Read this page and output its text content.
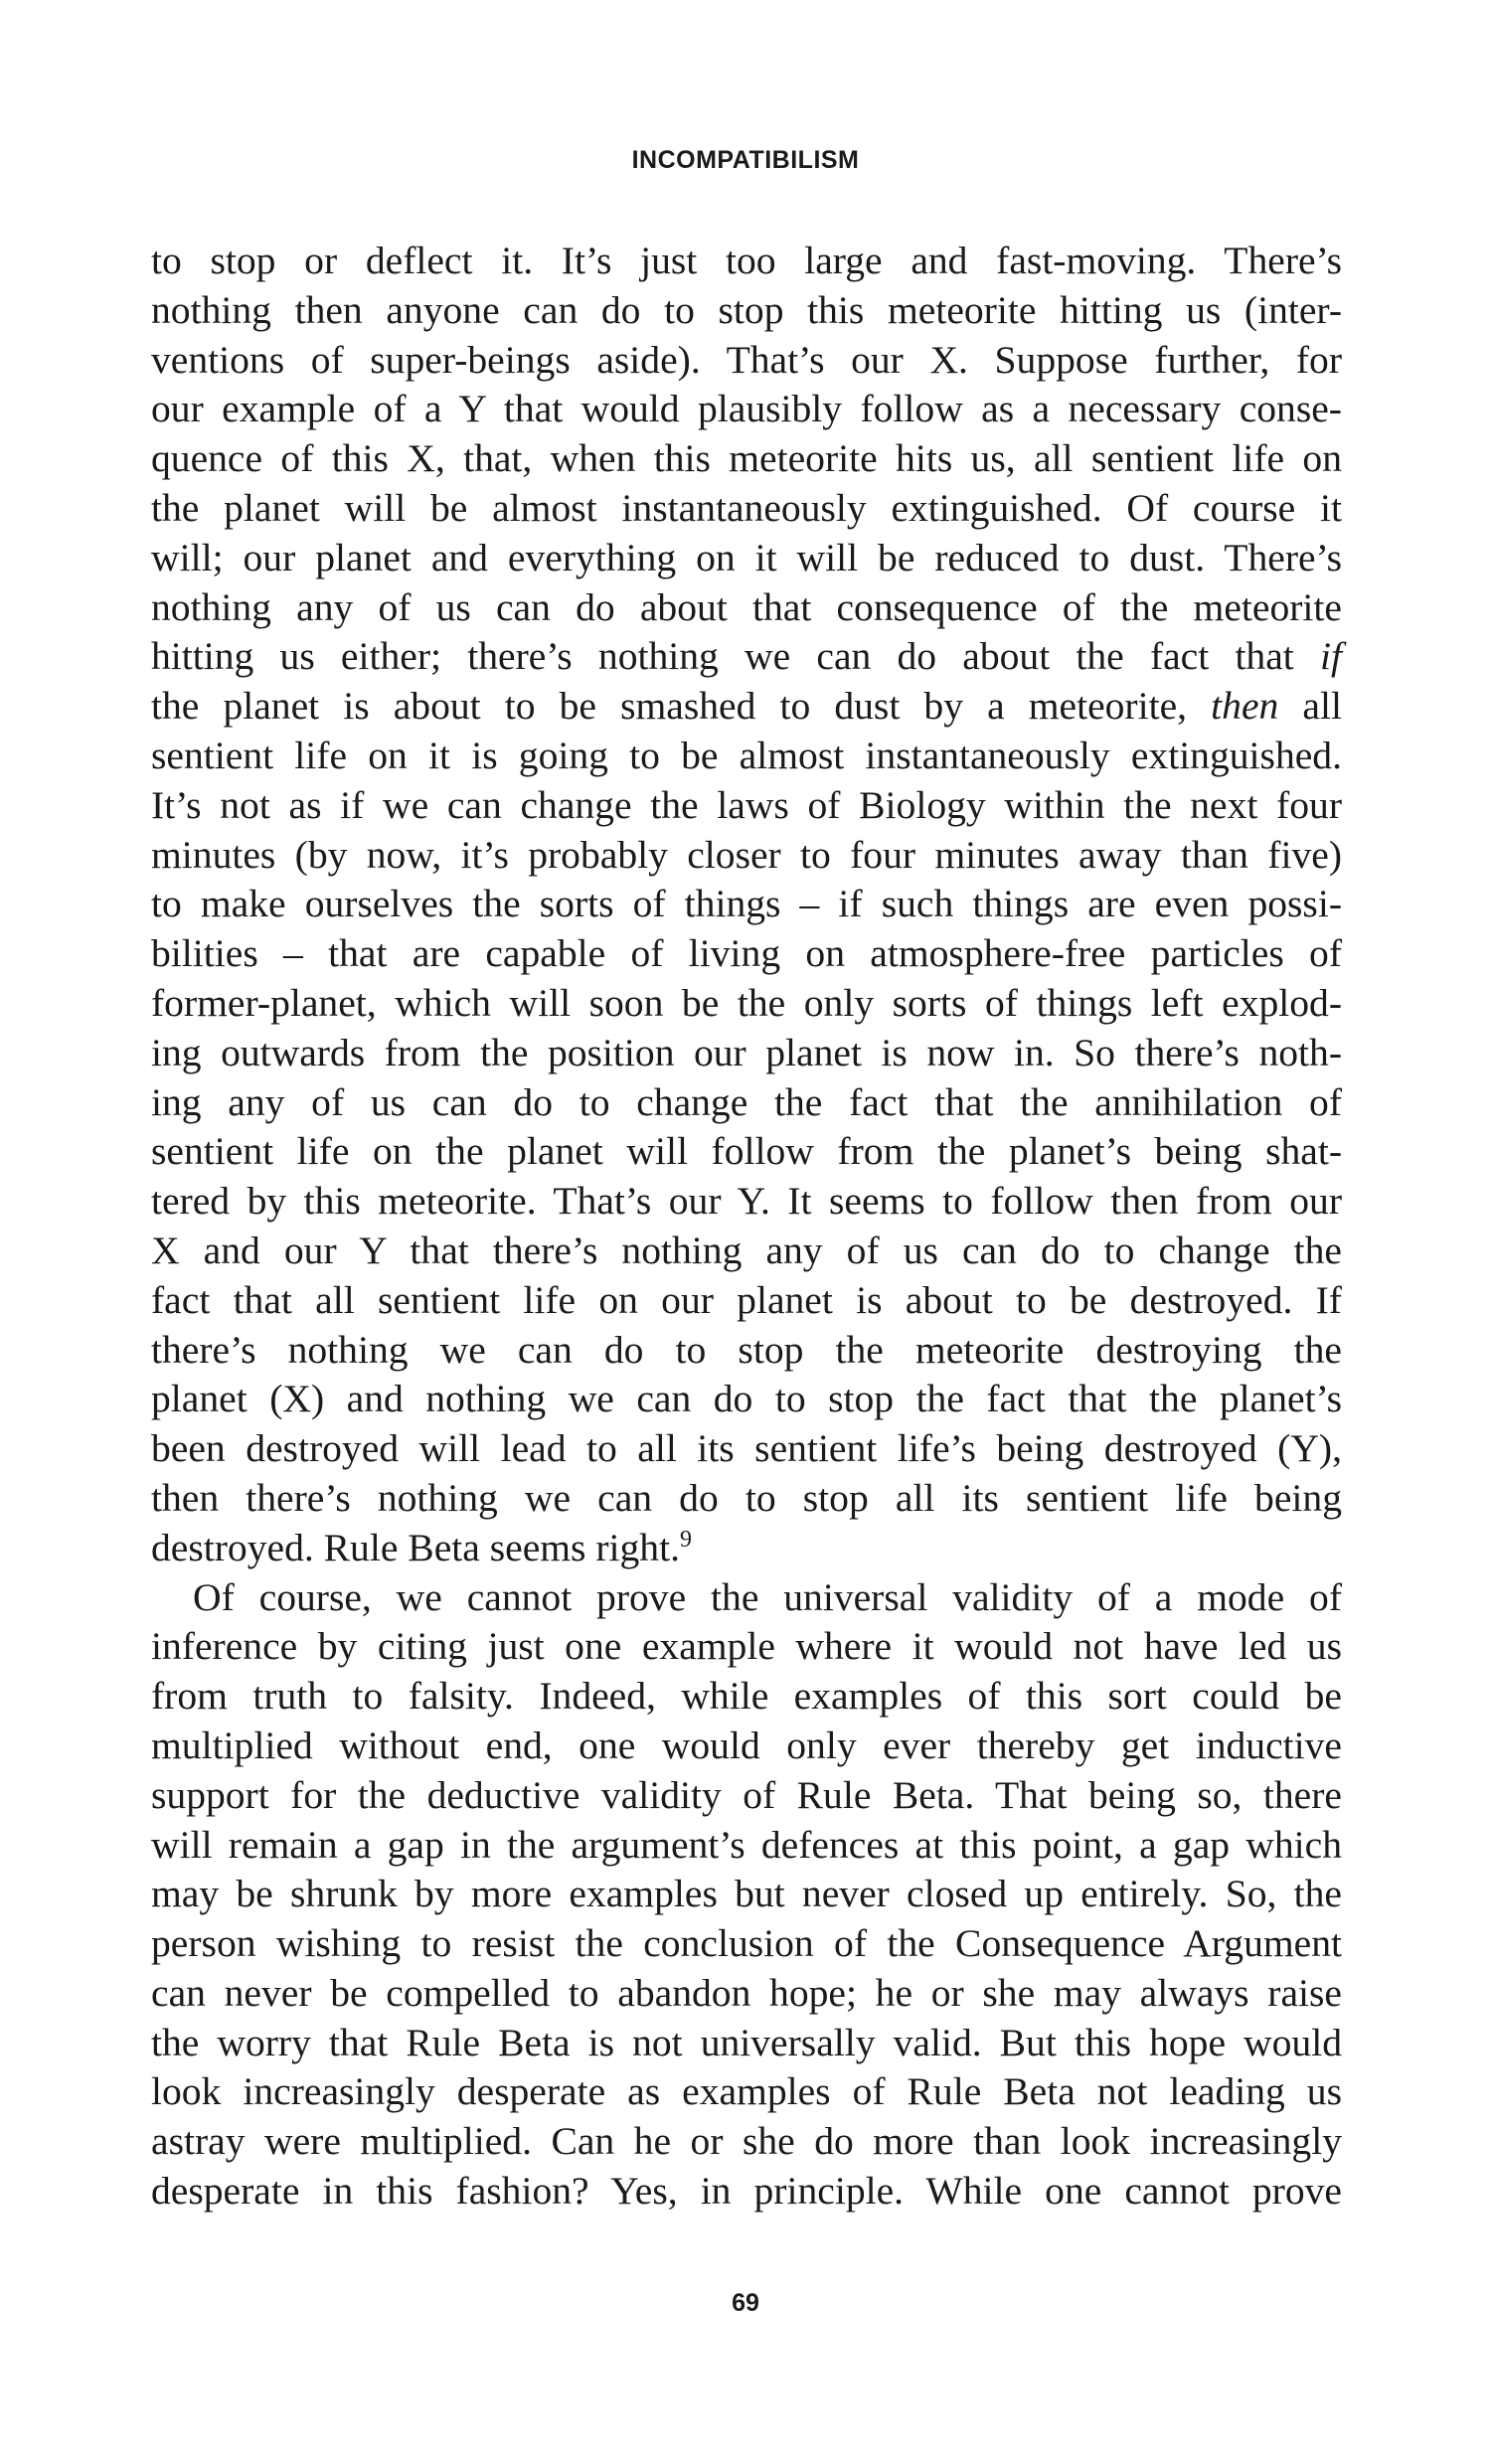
INCOMPATIBILISM
to stop or deflect it. It’s just too large and fast-moving. There’s
nothing then anyone can do to stop this meteorite hitting us (inter-
ventions of super-beings aside). That’s our X. Suppose further, for
our example of a Y that would plausibly follow as a necessary conse-
quence of this X, that, when this meteorite hits us, all sentient life on
the planet will be almost instantaneously extinguished. Of course it
will; our planet and everything on it will be reduced to dust. There’s
nothing any of us can do about that consequence of the meteorite
hitting us either; there’s nothing we can do about the fact that if
the planet is about to be smashed to dust by a meteorite, then all
sentient life on it is going to be almost instantaneously extinguished.
It’s not as if we can change the laws of Biology within the next four
minutes (by now, it’s probably closer to four minutes away than five)
to make ourselves the sorts of things – if such things are even possi-
bilities – that are capable of living on atmosphere-free particles of
former-planet, which will soon be the only sorts of things left explod-
ing outwards from the position our planet is now in. So there’s noth-
ing any of us can do to change the fact that the annihilation of
sentient life on the planet will follow from the planet’s being shat-
tered by this meteorite. That’s our Y. It seems to follow then from our
X and our Y that there’s nothing any of us can do to change the
fact that all sentient life on our planet is about to be destroyed. If
there’s nothing we can do to stop the meteorite destroying the
planet (X) and nothing we can do to stop the fact that the planet’s
been destroyed will lead to all its sentient life’s being destroyed (Y),
then there’s nothing we can do to stop all its sentient life being
destroyed. Rule Beta seems right.$^9$
Of course, we cannot prove the universal validity of a mode of
inference by citing just one example where it would not have led us
from truth to falsity. Indeed, while examples of this sort could be
multiplied without end, one would only ever thereby get inductive
support for the deductive validity of Rule Beta. That being so, there
will remain a gap in the argument’s defences at this point, a gap which
may be shrunk by more examples but never closed up entirely. So, the
person wishing to resist the conclusion of the Consequence Argument
can never be compelled to abandon hope; he or she may always raise
the worry that Rule Beta is not universally valid. But this hope would
look increasingly desperate as examples of Rule Beta not leading us
astray were multiplied. Can he or she do more than look increasingly
desperate in this fashion? Yes, in principle. While one cannot prove
69
